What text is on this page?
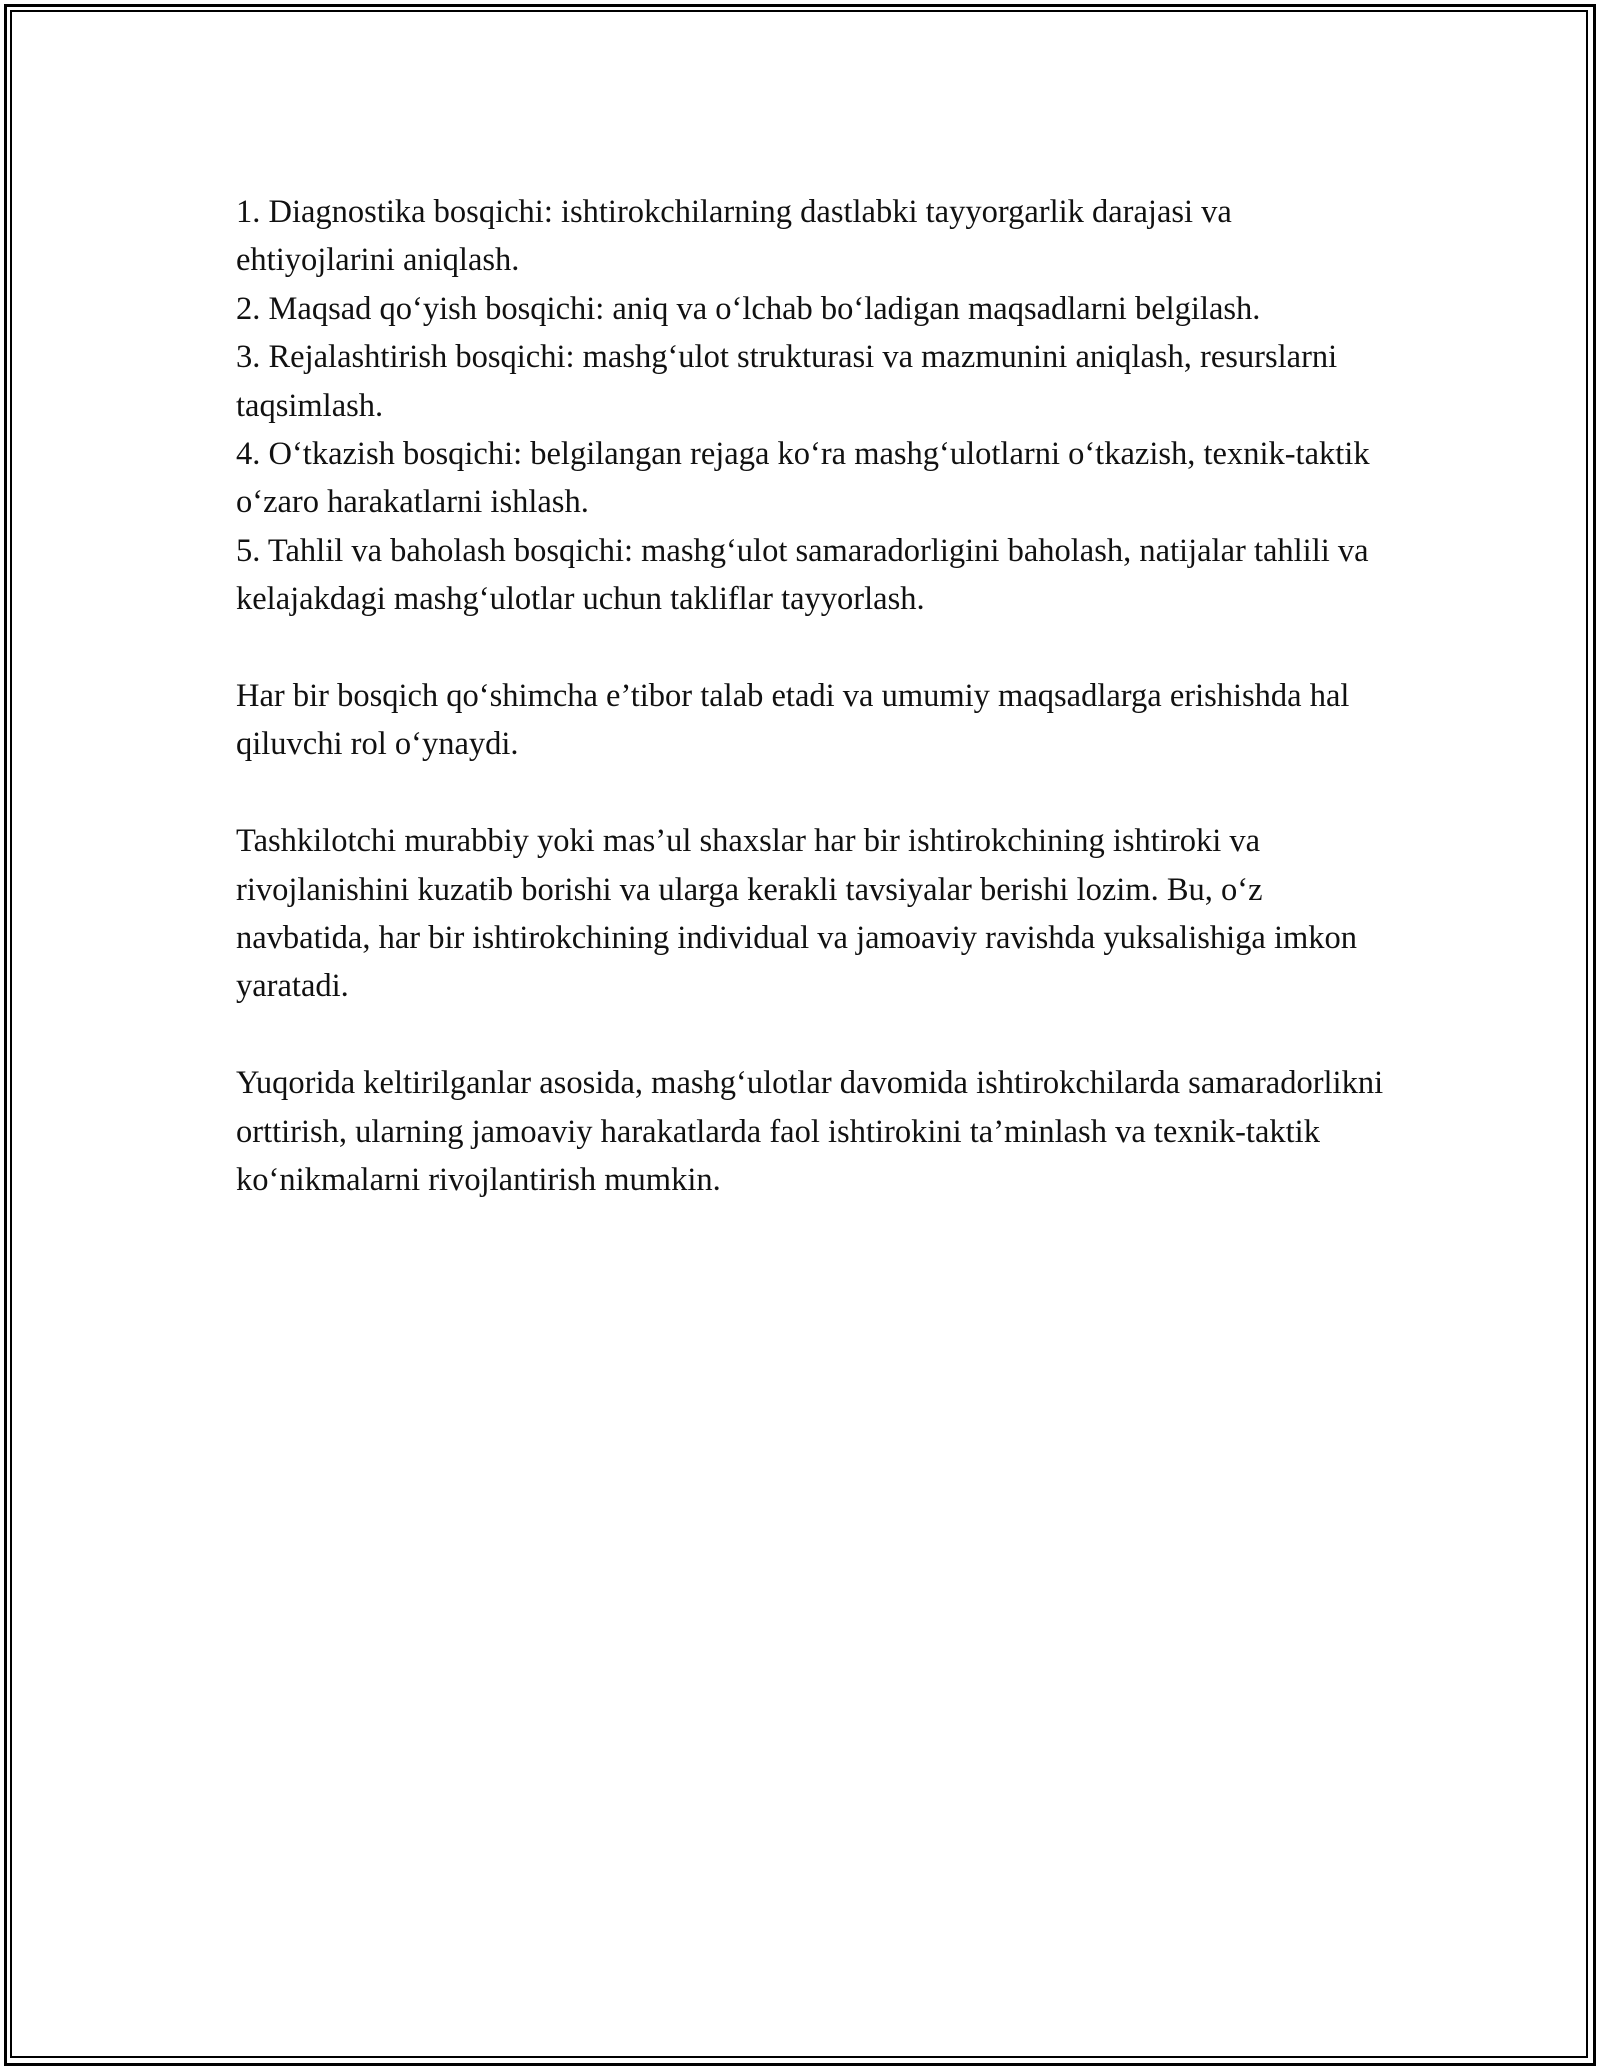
1. Diagnostika bosqichi: ishtirokchilarning dastlabki tayyorgarlik darajasi va ehtiyojlarini aniqlash.

2. Maqsad qo‘yish bosqichi: aniq va o‘lchab bo‘ladigan maqsadlarni belgilash.

3. Rejalashtirish bosqichi: mashg‘ulot strukturasi va mazmunini aniqlash, resurslarni taqsimlash.

4. O‘tkazish bosqichi: belgilangan rejaga ko‘ra mashg‘ulotlarni o‘tkazish, texnik-taktik o‘zaro harakatlarni ishlash.

5. Tahlil va baholash bosqichi: mashg‘ulot samaradorligini baholash, natijalar tahlili va kelajakdagi mashg‘ulotlar uchun takliflar tayyorlash.

Har bir bosqich qo‘shimcha e’tibor talab etadi va umumiy maqsadlarga erishishda hal qiluvchi rol o‘ynaydi.

Tashkilotchi murabbiy yoki mas’ul shaxslar har bir ishtirokchining ishtiroki va rivojlanishini kuzatib borishi va ularga kerakli tavsiyalar berishi lozim. Bu, o‘z navbatida, har bir ishtirokchining individual va jamoaviy ravishda yuksalishiga imkon yaratadi.

Yuqorida keltirilganlar asosida, mashg‘ulotlar davomida ishtirokchilarda samaradorlikni orttirish, ularning jamoaviy harakatlarda faol ishtirokini ta’minlash va texnik-taktik ko‘nikmalarni rivojlantirish mumkin.
